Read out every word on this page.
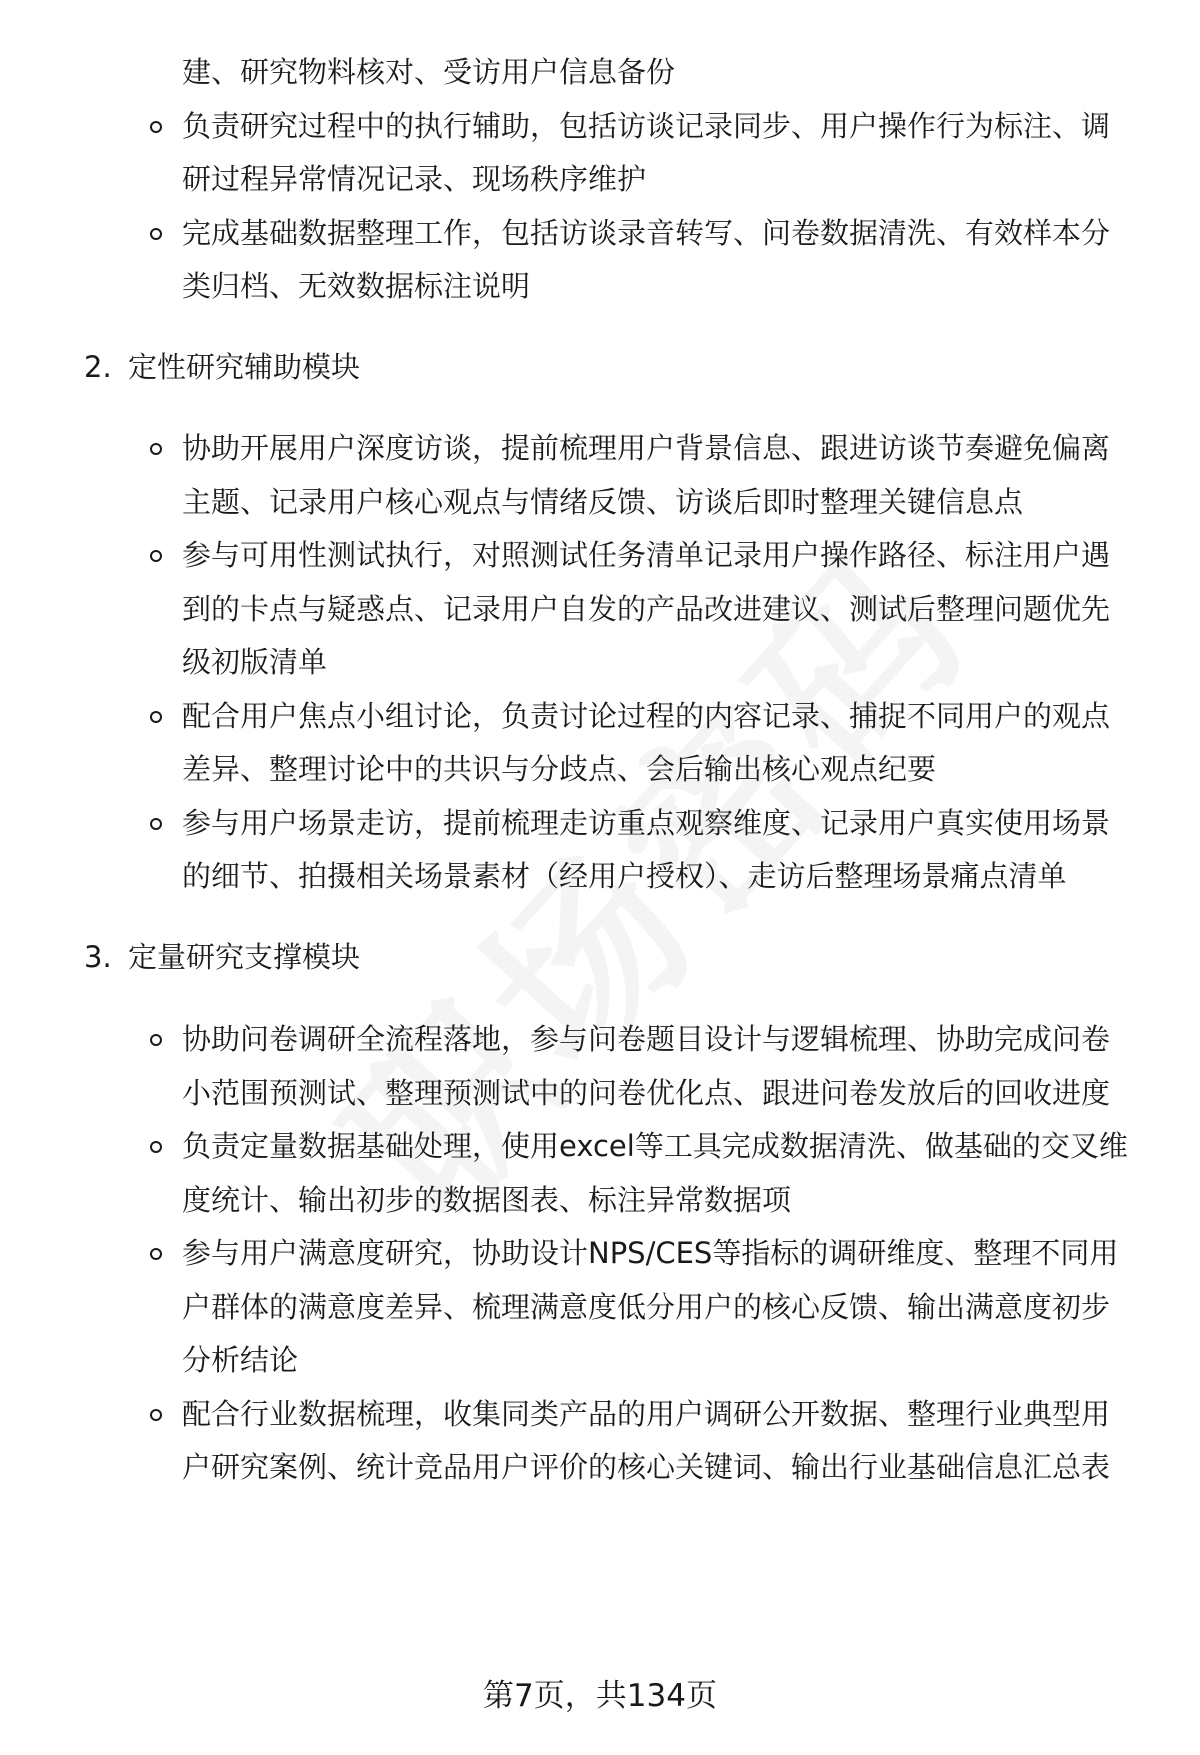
建、研究物料核对、受访用户信息备份
负责研究过程中的执行辅助，包括访谈记录同步、用户操作行为标注、调
研过程异常情况记录、现场秩序维护
完成基础数据整理工作，包括访谈录音转写、问卷数据清洗、有效样本分
类归档、无效数据标注说明
2. 定性研究辅助模块
协助开展用户深度访谈，提前梳理用户背景信息、跟进访谈节奏避免偏离
主题、记录用户核心观点与情绪反馈、访谈后即时整理关键信息点
参与可用性测试执行，对照测试任务清单记录用户操作路径、标注用户遇
到的卡点与疑惑点、记录用户自发的产品改进建议、测试后整理问题优先
级初版清单
配合用户焦点小组讨论，负责讨论过程的内容记录、捕捉不同用户的观点
差异、整理讨论中的共识与分歧点、会后输出核心观点纪要
参与用户场景走访，提前梳理走访重点观察维度、记录用户真实使用场景
的细节、拍摄相关场景素材（经用户授权）、走访后整理场景痛点清单
3. 定量研究支撑模块
协助问卷调研全流程落地，参与问卷题目设计与逻辑梳理、协助完成问卷
小范围预测试、整理预测试中的问卷优化点、跟进问卷发放后的回收进度
负责定量数据基础处理，使用excel等工具完成数据清洗、做基础的交叉维
度统计、输出初步的数据图表、标注异常数据项
参与用户满意度研究，协助设计NPS/CES等指标的调研维度、整理不同用
户群体的满意度差异、梳理满意度低分用户的核心反馈、输出满意度初步
分析结论
配合行业数据梳理，收集同类产品的用户调研公开数据、整理行业典型用
户研究案例、统计竞品用户评价的核心关键词、输出行业基础信息汇总表
第7页，共134页
